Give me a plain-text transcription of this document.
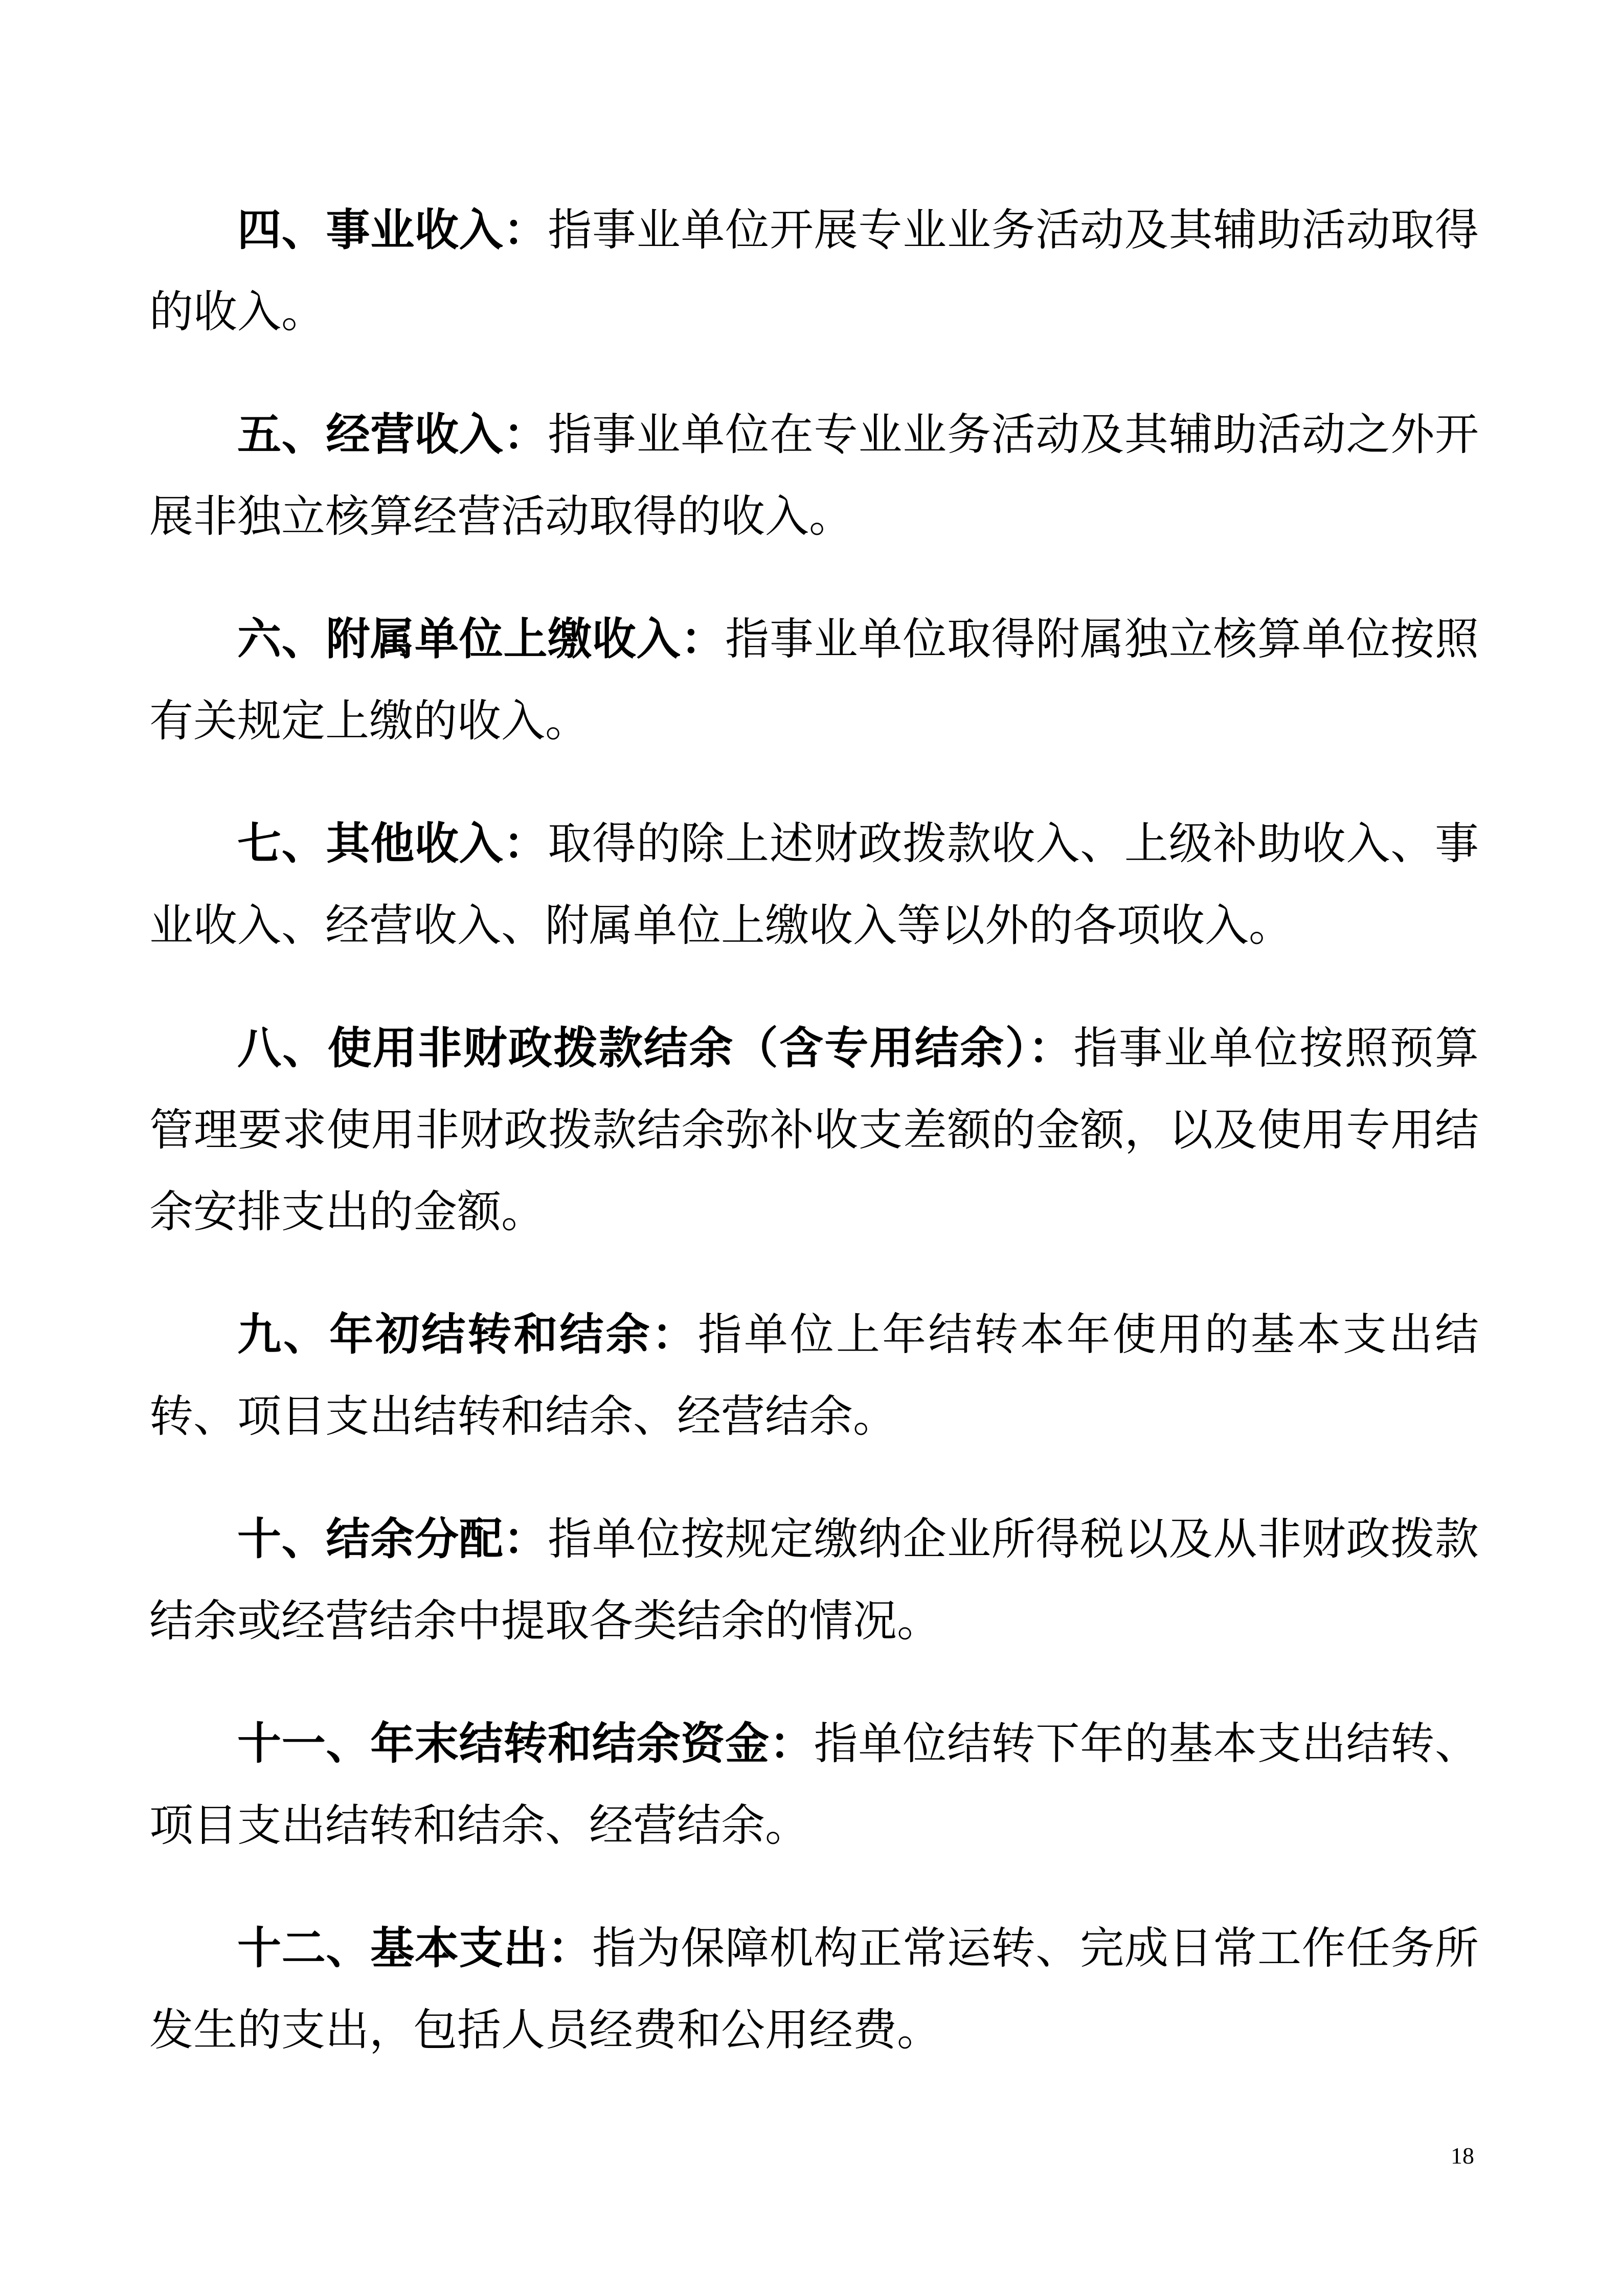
四、事业收入：指事业单位开展专业业务活动及其辅助活动取得的收入。

五、经营收入：指事业单位在专业业务活动及其辅助活动之外开展非独立核算经营活动取得的收入。

六、附属单位上缴收入：指事业单位取得附属独立核算单位按照有关规定上缴的收入。

七、其他收入：取得的除上述财政拨款收入、上级补助收入、事业收入、经营收入、附属单位上缴收入等以外的各项收入。

八、使用非财政拨款结余（含专用结余）：指事业单位按照预算管理要求使用非财政拨款结余弥补收支差额的金额，以及使用专用结余安排支出的金额。

九、年初结转和结余：指单位上年结转本年使用的基本支出结转、项目支出结转和结余、经营结余。

十、结余分配：指单位按规定缴纳企业所得税以及从非财政拨款结余或经营结余中提取各类结余的情况。

十一、年末结转和结余资金：指单位结转下年的基本支出结转、项目支出结转和结余、经营结余。

十二、基本支出：指为保障机构正常运转、完成日常工作任务所发生的支出，包括人员经费和公用经费。

18
